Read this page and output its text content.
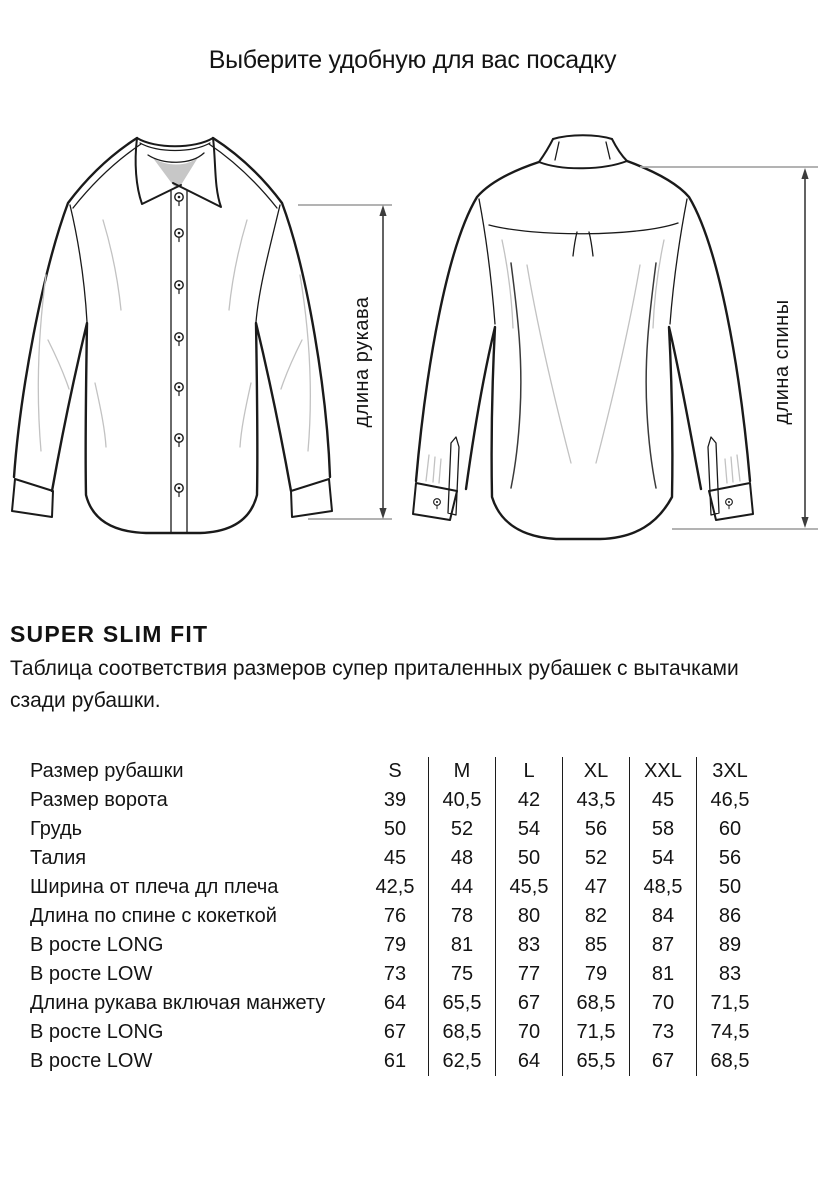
Выберите удобную для вас посадку
длина рукава	длина спины
SUPER SLIM FIT
Таблица соответствия размеров супер приталенных рубашек с вытачками
сзади рубашки.
Размер рубашки	S	M	L	XL	XXL	3XL
Размер ворота	39	40,5	42	43,5	45	46,5
Грудь	50	52	54	56	58	60
Талия	45	48	50	52	54	56
Ширина от плеча дл плеча	42,5	44	45,5	47	48,5	50
Длина по спине с кокеткой	76	78	80	82	84	86
В росте LONG	79	81	83	85	87	89
В росте LOW	73	75	77	79	81	83
Длина рукава включая манжету	64	65,5	67	68,5	70	71,5
В росте LONG	67	68,5	70	71,5	73	74,5
В росте LOW	61	62,5	64	65,5	67	68,5
